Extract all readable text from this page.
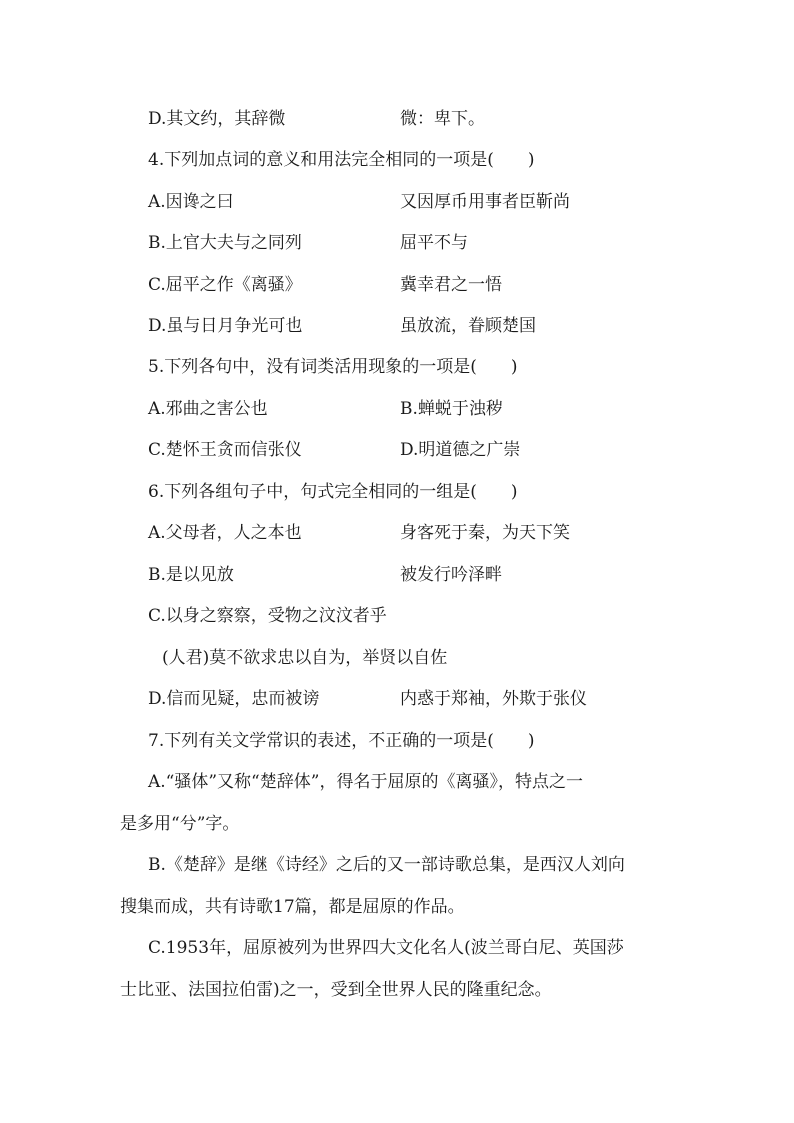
D.其文约，其辞微	微：卑下。
4.下列加点词的意义和用法完全相同的一项是(　　)
A.因谗之曰	又因厚币用事者臣靳尚
B.上官大夫与之同列	屈平不与
C.屈平之作《离骚》	冀幸君之一悟
D.虽与日月争光可也	虽放流，眷顾楚国
5.下列各句中，没有词类活用现象的一项是(　　)
A.邪曲之害公也	B.蝉蜕于浊秽
C.楚怀王贪而信张仪	D.明道德之广崇
6.下列各组句子中，句式完全相同的一组是(　　)
A.父母者，人之本也	身客死于秦，为天下笑
B.是以见放	被发行吟泽畔
C.以身之察察，受物之汶汶者乎
(人君)莫不欲求忠以自为，举贤以自佐
D.信而见疑，忠而被谤	内惑于郑袖，外欺于张仪
7.下列有关文学常识的表述，不正确的一项是(　　)
A.“骚体”又称“楚辞体”，得名于屈原的《离骚》，特点之一
是多用“兮”字。
B.《楚辞》是继《诗经》之后的又一部诗歌总集，是西汉人刘向
搜集而成，共有诗歌17篇，都是屈原的作品。
C.1953年，屈原被列为世界四大文化名人(波兰哥白尼、英国莎
士比亚、法国拉伯雷)之一，受到全世界人民的隆重纪念。
